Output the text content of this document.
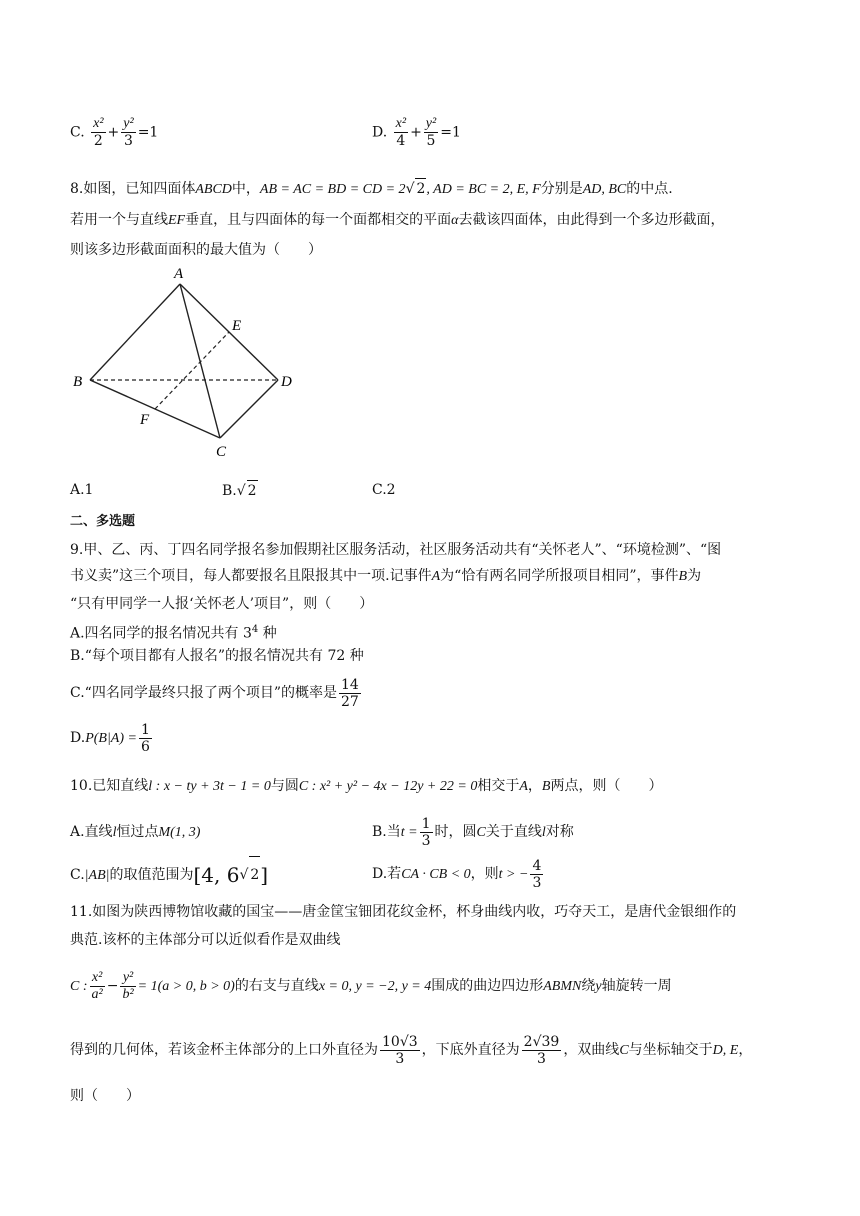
C. $\frac{\text{x²}}{2} + \frac{\text{y²}}{3} =1$	D. $\frac{\text{x²}}{4} + \frac{\text{y²}}{5} =1$
8.如图，已知四面体ABCD中，AB = AC = BD = CD = 2√ 2, AD = BC = 2, E, F分别是AD, BC的中点.
若用一个与直线EF垂直，且与四面体的每一个面都相交的平面α去截该四面体，由此得到一个多边形截面，
则该多边形截面面积的最大值为（　　）
A
B
C
D
E
F
A.1	B.√ 2	C.2
二、多选题
9.甲、乙、丙、丁四名同学报名参加假期社区服务活动，社区服务活动共有“关怀老人”、“环境检测”、“图
书义卖”这三个项目，每人都要报名且限报其中一项.记事件A为“恰有两名同学所报项目相同”，事件B为
“只有甲同学一人报‘关怀老人’项目”，则（　　）
A.四名同学的报名情况共有 $3^4$ 种
B.“每个项目都有人报名”的报名情况共有 72 种
C.“四名同学最终只报了两个项目”的概率是 $\frac{14}{27}$
$D.P(B|A) = \frac{1}{6}$
10.已知直线l : x − ty + 3t − 1 = 0与圆C : x² + y² − 4x − 12y + 22 = 0相交于A，B两点，则（　　）
A.直线l恒过点M(1, 3)	B.当$t = \frac{1}{3}$ 时，圆C关于直线l对称
C.|AB|的取值范围为[4, 6√ 2]	D.若CA · CB < 0，则t > − $\frac{4}{3}$
11.如图为陕西博物馆收藏的国宝——唐金筐宝钿团花纹金杯，杯身曲线内收，巧夺天工，是唐代金银细作的
典范.该杯的主体部分可以近似看作是双曲线
C : $\frac{\text{x²}}{\text{a²}} - \frac{\text{y²}}{\text{b²}} = 1(a > 0$, b > 0)的右支与直线x = 0, y = −2, y = 4围成的曲边四边形ABMN绕y轴旋转一周
得到的几何体，若该金杯主体部分的上口外直径为 $\frac{10√3}{3}$ ，下底外直径为 $\frac{2√39}{3}$ ，双曲线C与坐标轴交于D, E，
则（　　）
